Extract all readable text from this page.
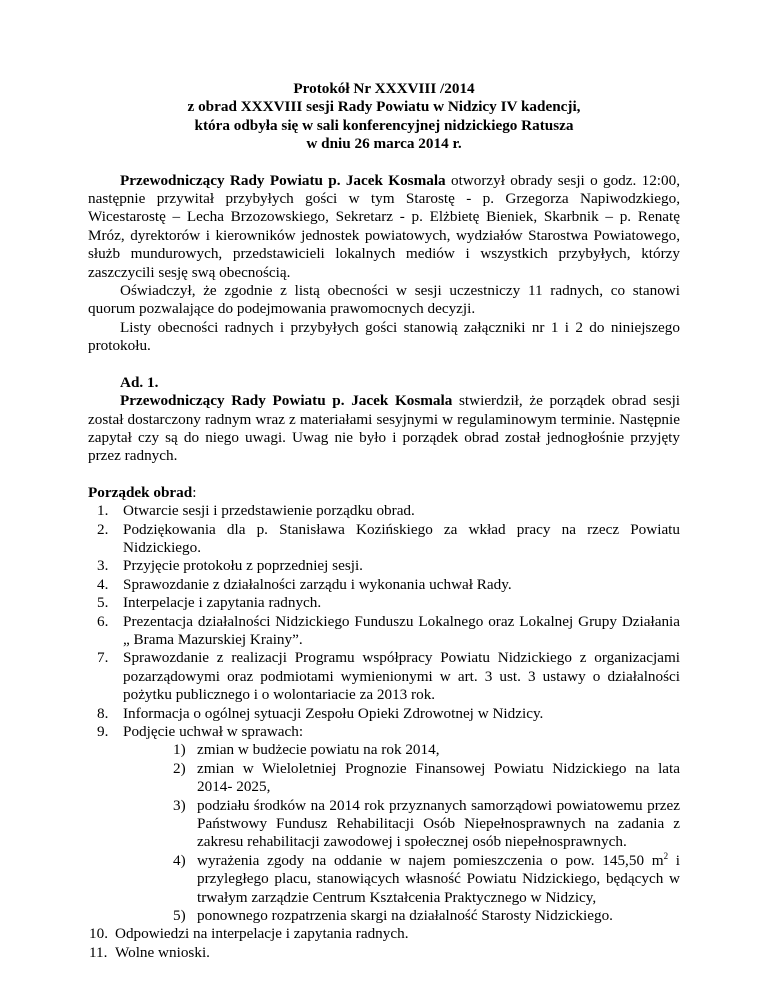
Protokół Nr XXXVIII /2014
z obrad XXXVIII sesji Rady Powiatu w Nidzicy IV kadencji,
która odbyła się w sali konferencyjnej nidzickiego Ratusza
w dniu 26 marca 2014 r.

Przewodniczący Rady Powiatu p. Jacek Kosmala otworzył obrady sesji o godz. 12:00, następnie przywitał przybyłych gości w tym Starostę - p. Grzegorza Napiwodzkiego, Wicestarostę – Lecha Brzozowskiego, Sekretarz - p. Elżbietę Bieniek, Skarbnik – p. Renatę Mróz, dyrektorów i kierowników jednostek powiatowych, wydziałów Starostwa Powiatowego, służb mundurowych, przedstawicieli lokalnych mediów i wszystkich przybyłych, którzy zaszczycili sesję swą obecnością.

Oświadczył, że zgodnie z listą obecności w sesji uczestniczy 11 radnych, co stanowi quorum pozwalające do podejmowania prawomocnych decyzji.

Listy obecności radnych i przybyłych gości stanowią załączniki nr 1 i 2 do niniejszego protokołu.

Ad. 1.

Przewodniczący Rady Powiatu p. Jacek Kosmala stwierdził, że porządek obrad sesji został dostarczony radnym wraz z materiałami sesyjnymi w regulaminowym terminie. Następnie zapytał czy są do niego uwagi. Uwag nie było i porządek obrad został jednogłośnie przyjęty przez radnych.

Porządek obrad:

1. Otwarcie sesji i przedstawienie porządku obrad.
2. Podziękowania dla p. Stanisława Kozińskiego za wkład pracy na rzecz Powiatu Nidzickiego.
3. Przyjęcie protokołu z poprzedniej sesji.
4. Sprawozdanie z działalności zarządu i wykonania uchwał Rady.
5. Interpelacje i zapytania radnych.
6. Prezentacja działalności Nidzickiego Funduszu Lokalnego oraz Lokalnej Grupy Działania „ Brama Mazurskiej Krainy”.
7. Sprawozdanie z realizacji Programu współpracy Powiatu Nidzickiego z organizacjami pozarządowymi oraz podmiotami wymienionymi w art. 3 ust. 3 ustawy o działalności pożytku publicznego i o wolontariacie za 2013 rok.
8. Informacja o ogólnej sytuacji Zespołu Opieki Zdrowotnej w Nidzicy.
9. Podjęcie uchwał w sprawach:
1) zmian w budżecie powiatu na rok 2014,
2) zmian w Wieloletniej Prognozie Finansowej Powiatu Nidzickiego na lata 2014- 2025,
3) podziału środków na 2014 rok przyznanych samorządowi powiatowemu przez Państwowy Fundusz Rehabilitacji Osób Niepełnosprawnych na zadania z zakresu rehabilitacji zawodowej i społecznej osób niepełnosprawnych.
4) wyrażenia zgody na oddanie w najem pomieszczenia o pow. 145,50 $m^2$ i przyległego placu, stanowiących własność Powiatu Nidzickiego, będących w trwałym zarządzie Centrum Kształcenia Praktycznego w Nidzicy,
5) ponownego rozpatrzenia skargi na działalność Starosty Nidzickiego.
10. Odpowiedzi na interpelacje i zapytania radnych.
11. Wolne wnioski.
